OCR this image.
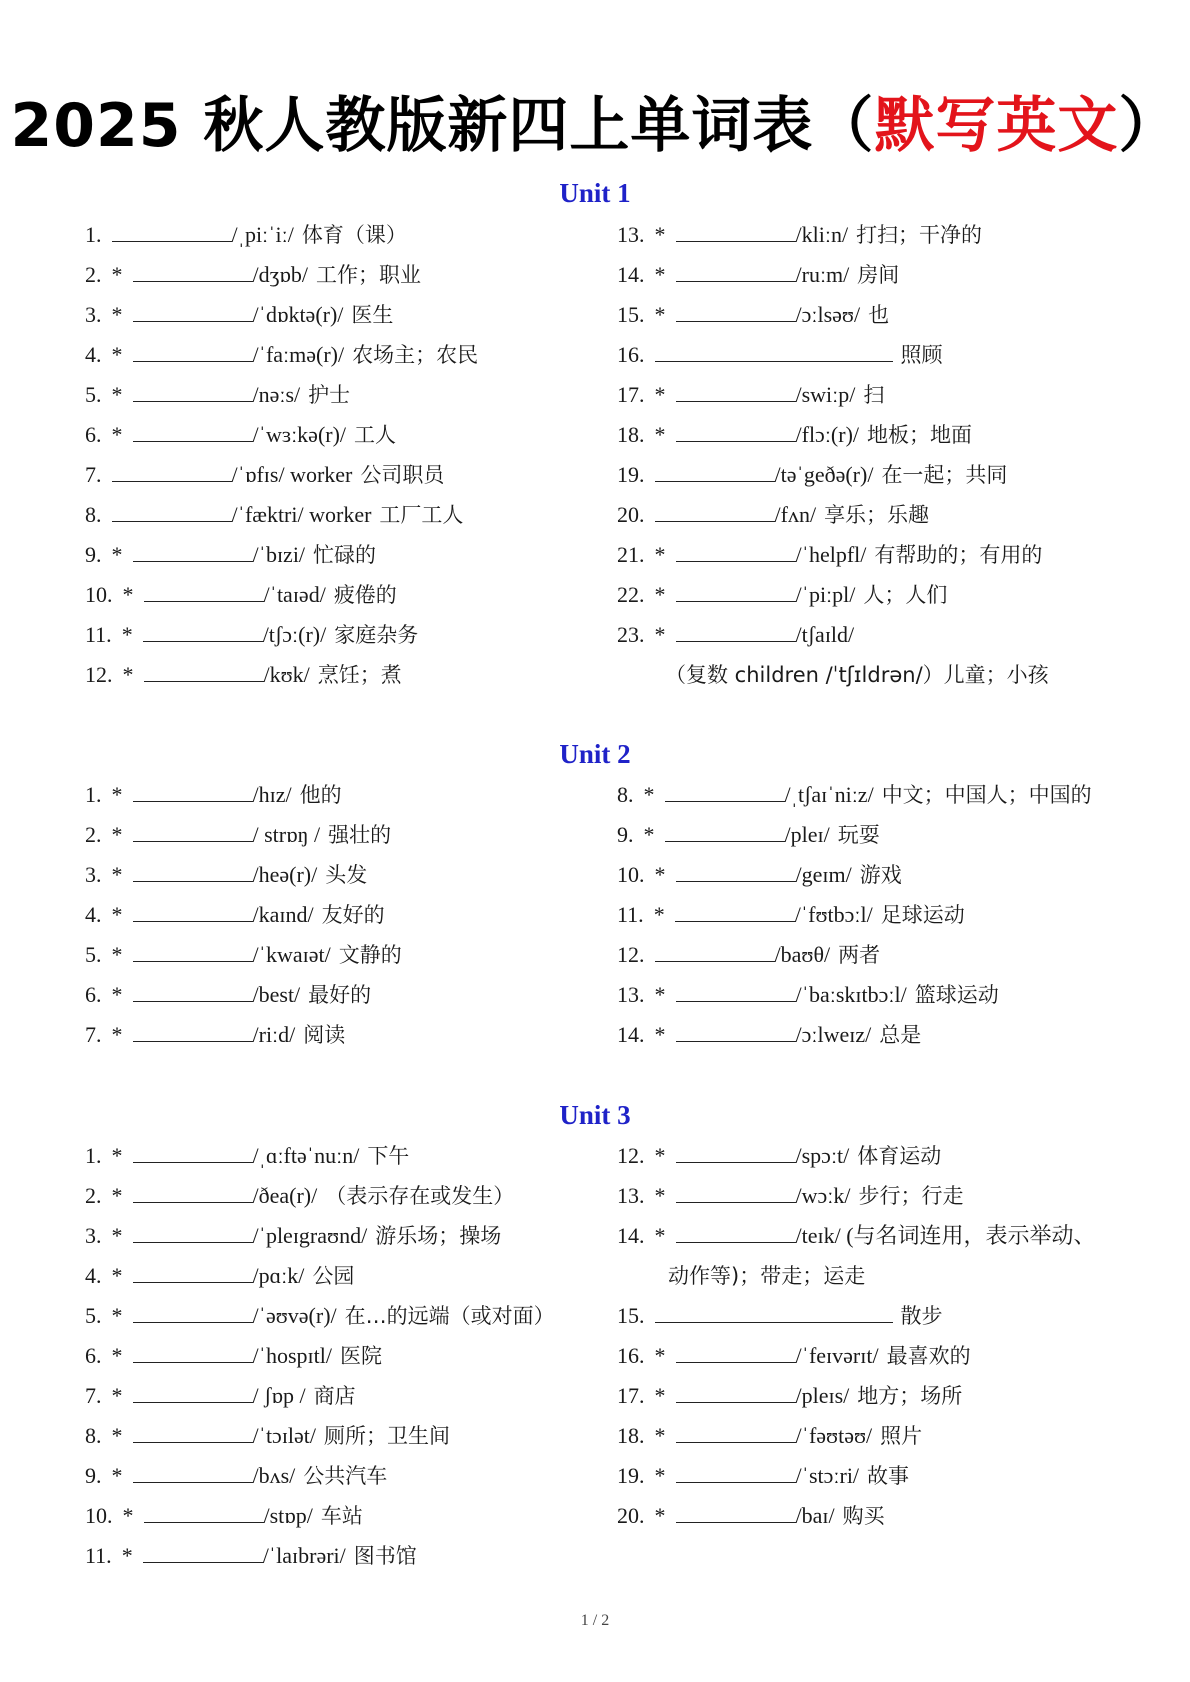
2025 秋人教版新四上单词表（默写英文）
Unit 1
1.	/ˌpiːˈiː/ 体育（课）
2. *	/dʒɒb/ 工作；职业
3. *	/ˈdɒktə(r)/ 医生
4. *	/ˈfaːmə(r)/ 农场主；农民
5. *	/nəːs/ 护士
6. *	/ˈwɜːkə(r)/ 工人
7.	/ˈɒfɪs/ worker 公司职员
8.	/ˈfæktri/ worker 工厂工人
9. *	/ˈbɪzi/ 忙碌的
10. *	/ˈtaɪəd/ 疲倦的
11. *	/tʃɔː(r)/ 家庭杂务
12. *	/kʊk/ 烹饪；煮
13. *	/kliːn/ 打扫；干净的
14. *	/ruːm/ 房间
15. *	/ɔːlsəʊ/ 也
16.	照顾
17. *	/swiːp/ 扫
18. *	/flɔː(r)/ 地板；地面
19.	/təˈgeðə(r)/ 在一起；共同
20.	/fʌn/ 享乐；乐趣
21. *	/ˈhelpfl/ 有帮助的；有用的
22. *	/ˈpiːpl/ 人；人们
23. *	/tʃaɪld/
（复数 children /ˈtʃɪldrən/）儿童；小孩
Unit 2
1. *	/hɪz/ 他的
2. *	/ strɒŋ / 强壮的
3. *	/heə(r)/ 头发
4. *	/kaɪnd/ 友好的
5. *	/ˈkwaɪət/ 文静的
6. *	/best/ 最好的
7. *	/riːd/ 阅读
8. *	/ˌtʃaɪˈniːz/ 中文；中国人；中国的
9. *	/pleɪ/ 玩耍
10. *	/geɪm/ 游戏
11. *	/ˈfʊtbɔːl/ 足球运动
12.	/baʊθ/ 两者
13. *	/ˈbaːskɪtbɔːl/ 篮球运动
14. *	/ɔːlweɪz/ 总是
Unit 3
1. *	/ˌɑːftəˈnuːn/ 下午
2. *	/ðea(r)/ （表示存在或发生）
3. *	/ˈpleɪgraʊnd/ 游乐场；操场
4. *	/pɑːk/ 公园
5. *	/ˈəʊvə(r)/ 在…的远端（或对面）
6. *	/ˈhospɪtl/ 医院
7. *	/ ʃɒp / 商店
8. *	/ˈtɔɪlət/ 厕所；卫生间
9. *	/bʌs/ 公共汽车
10. *	/stɒp/ 车站
11. *	/ˈlaɪbrəri/ 图书馆
12. *	/spɔːt/ 体育运动
13. *	/wɔːk/ 步行；行走
14. *	/teɪk/ (与名词连用，表示举动、
动作等)；带走；运走
15.	散步
16. *	/ˈfeɪvərɪt/ 最喜欢的
17. *	/pleɪs/ 地方；场所
18. *	/ˈfəʊtəʊ/ 照片
19. *	/ˈstɔːri/ 故事
20. *	/baɪ/ 购买
1 / 2
